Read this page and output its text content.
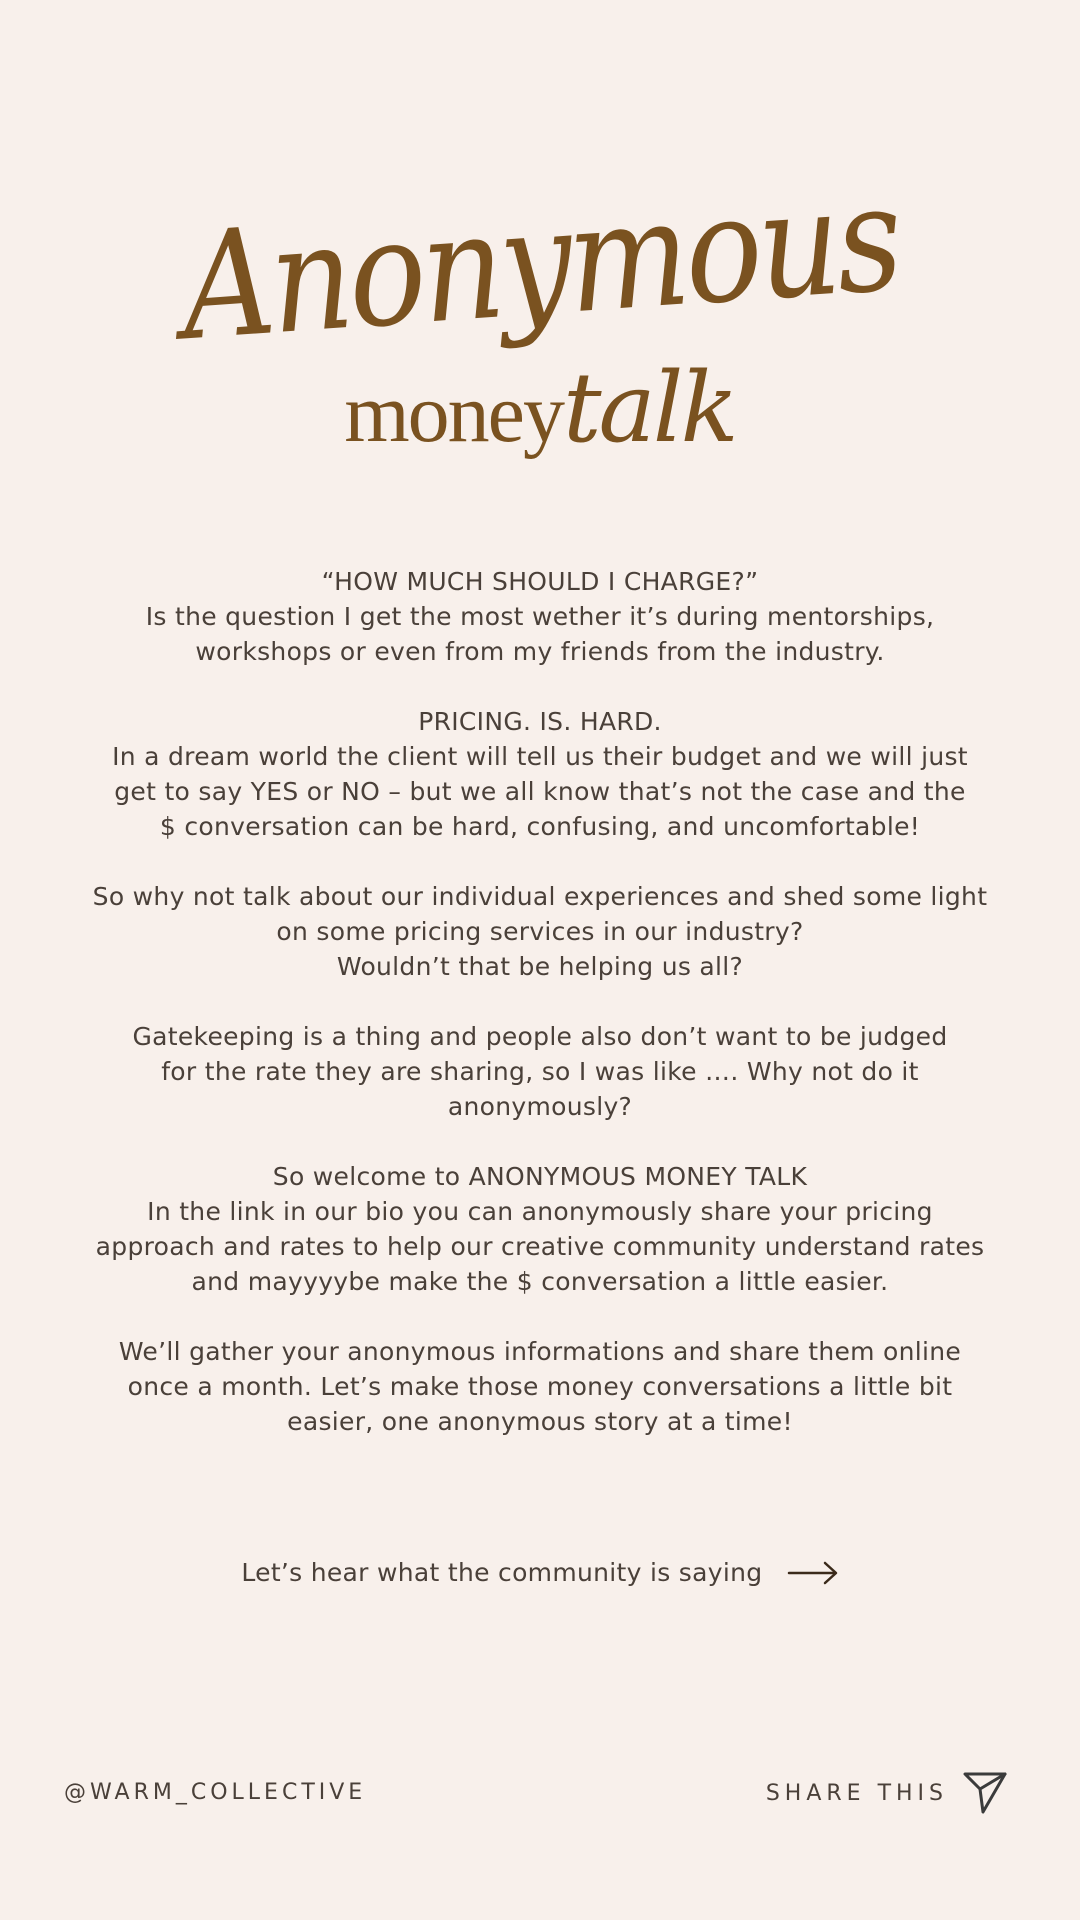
Anonymous
moneytalk
“HOW MUCH SHOULD I CHARGE?”
Is the question I get the most wether it’s during mentorships,
workshops or even from my friends from the industry.
PRICING. IS. HARD.
In a dream world the client will tell us their budget and we will just
get to say YES or NO – but we all know that’s not the case and the
$ conversation can be hard, confusing, and uncomfortable!
So why not talk about our individual experiences and shed some light
on some pricing services in our industry?
Wouldn’t that be helping us all?
Gatekeeping is a thing and people also don’t want to be judged
for the rate they are sharing, so I was like …. Why not do it
anonymously?
So welcome to ANONYMOUS MONEY TALK
In the link in our bio you can anonymously share your pricing
approach and rates to help our creative community understand rates
and mayyyybe make the $ conversation a little easier.
We’ll gather your anonymous informations and share them online
once a month. Let’s make those money conversations a little bit
easier, one anonymous story at a time!
Let’s hear what the community is saying
@WARM_COLLECTIVE	SHARE THIS
